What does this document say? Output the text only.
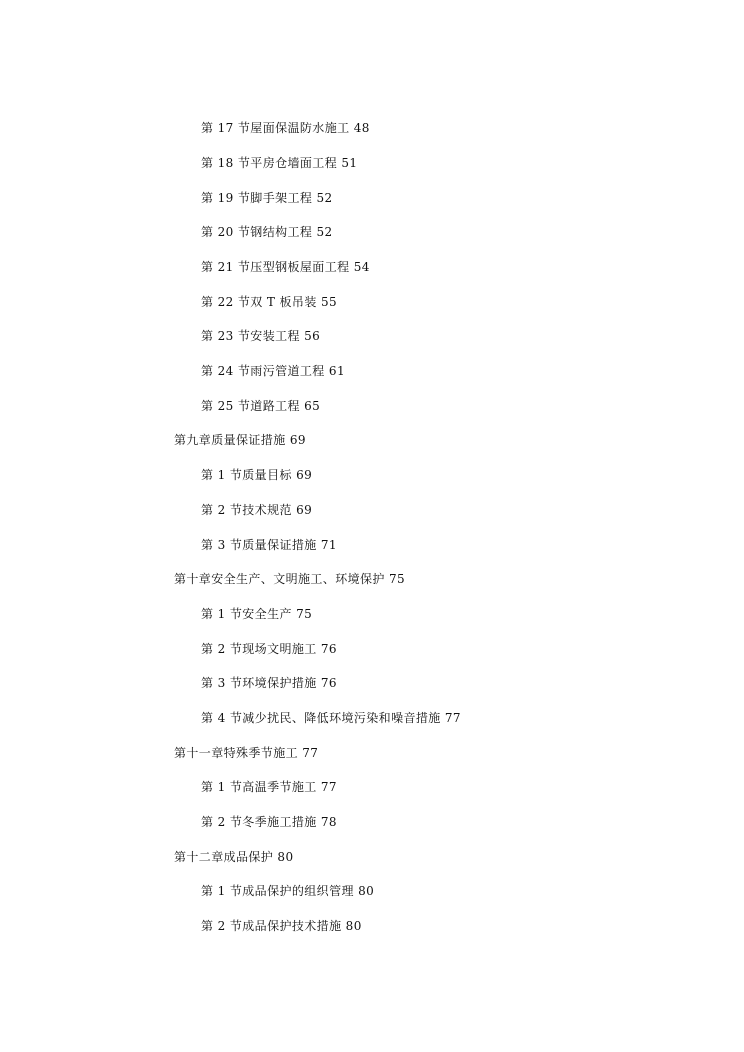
第 17 节屋面保温防水施工 48
第 18 节平房仓墙面工程 51
第 19 节脚手架工程 52
第 20 节钢结构工程 52
第 21 节压型钢板屋面工程 54
第 22 节双 T 板吊装 55
第 23 节安装工程 56
第 24 节雨污管道工程 61
第 25 节道路工程 65
第九章质量保证措施 69
第 1 节质量目标 69
第 2 节技术规范 69
第 3 节质量保证措施 71
第十章安全生产、文明施工、环境保护 75
第 1 节安全生产 75
第 2 节现场文明施工 76
第 3 节环境保护措施 76
第 4 节减少扰民、降低环境污染和噪音措施 77
第十一章特殊季节施工 77
第 1 节高温季节施工 77
第 2 节冬季施工措施 78
第十二章成品保护 80
第 1 节成品保护的组织管理 80
第 2 节成品保护技术措施 80
